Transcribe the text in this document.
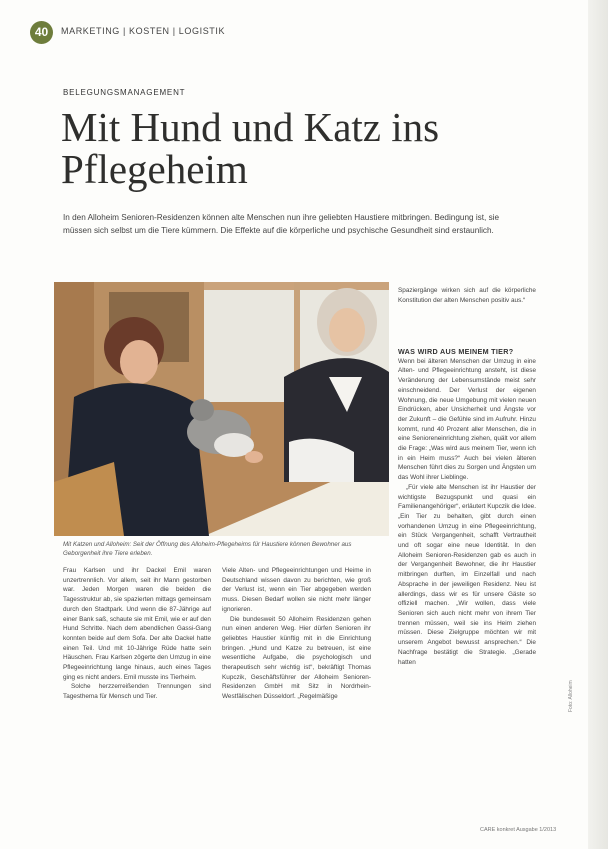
40	MARKETING | KOSTEN | LOGISTIK
BELEGUNGSMANAGEMENT
Mit Hund und Katz ins Pflegeheim
In den Alloheim Senioren-Residenzen können alte Menschen nun ihre geliebten Haustiere mitbringen. Bedingung ist, sie müssen sich selbst um die Tiere kümmern. Die Effekte auf die körperliche und psychische Gesundheit sind erstaunlich.
Mit Katzen und Alloheim: Seit der Öffnung des Alloheim-Pflegeheims für Haustiere können Bewohner aus Geborgenheit ihre Tiere erleben.

Frau Karlsen und ihr Dackel Emil waren unzertrennlich. Vor allem, seit ihr Mann gestorben war. Jeden Morgen waren die beiden die Tagesstruktur ab, sie spazierten mittags gemeinsam durch den Stadtpark. Und wenn die 87-Jährige auf einer Bank saß, schaute sie mit Emil, wie er auf den Hund Schritte. Nach dem abendlichen Gassi-Gang konnten beide auf dem Sofa. Der alte Dackel hatte einen Teil. Und mit 10-Jährige Rüde hatte sein Häuschen. Frau Karlsen zögerte den Umzug in eine Pflegeeinrichtung lange hinaus, auch eines Tages ging es nicht anders. Emil musste ins Tierheim.

Solche herzzerreißenden Trennungen sind Tagesthema für Mensch und Tier.

Viele Alten- und Pflegeeinrichtungen und Heime in Deutschland wissen davon zu berichten, wie groß der Verlust ist, wenn ein Tier abgegeben werden muss. Diesen Bedarf wollen sie nicht mehr länger ignorieren.

Die bundesweit 50 Alloheim Residenzen gehen nun einen anderen Weg. Hier dürfen Senioren ihr geliebtes Haustier künftig mit in die Einrichtung bringen. „Hund und Katze zu betreuen, ist eine wesentliche Aufgabe, die psychologisch und therapeutisch sehr wichtig ist“, bekräftigt Thomas Kupczik, Geschäftsführer der Alloheim Senioren-Residenzen GmbH mit Sitz in Nordrhein-Westfälischen Düsseldorf. „Regelmäßige

Spaziergänge wirken sich auf die körperliche Konstitution der alten Menschen positiv aus.“

WAS WIRD AUS MEINEM TIER?

Wenn bei älteren Menschen der Umzug in eine Alten- und Pflegeeinrichtung ansteht, ist diese Veränderung der Lebensumstände meist sehr einschneidend. Der Verlust der eigenen Wohnung, die neue Umgebung mit vielen neuen Eindrücken, aber Unsicherheit und Ängste vor der Zukunft – die Gefühle sind im Aufruhr. Hinzu kommt, rund 40 Prozent aller Menschen, die in eine Senioreneinrichtung ziehen, quält vor allem die Frage: „Was wird aus meinem Tier, wenn ich in ein Heim muss?“ Auch bei vielen älteren Menschen führt dies zu Sorgen und Ängsten um das Wohl ihrer Lieblinge.

„Für viele alte Menschen ist ihr Haustier der wichtigste Bezugspunkt und quasi ein Familienangehöriger“, erläutert Kupczik die Idee. „Ein Tier zu behalten, gibt durch einen vorhandenen Umzug in eine Pflegeeinrichtung, ein Stück Vergangenheit, schafft Vertrautheit und oft sogar eine neue Identität. In den Alloheim Senioren-Residenzen gab es auch in der Vergangenheit Bewohner, die ihr Haustier mitbringen durften, im Einzelfall und nach Absprache in der jeweiligen Residenz. Neu ist allerdings, dass wir es für unsere Gäste so offiziell machen. „Wir wollen, dass viele Senioren sich auch nicht mehr von ihrem Tier trennen müssen, weil sie ins Heim ziehen müssen. Diese Zielgruppe möchten wir mit unserem Angebot bewusst ansprechen.“ Die Nachfrage bestätigt die Strategie. „Gerade hatten

Foto: Alloheim
CARE konkret Ausgabe 1/2013
